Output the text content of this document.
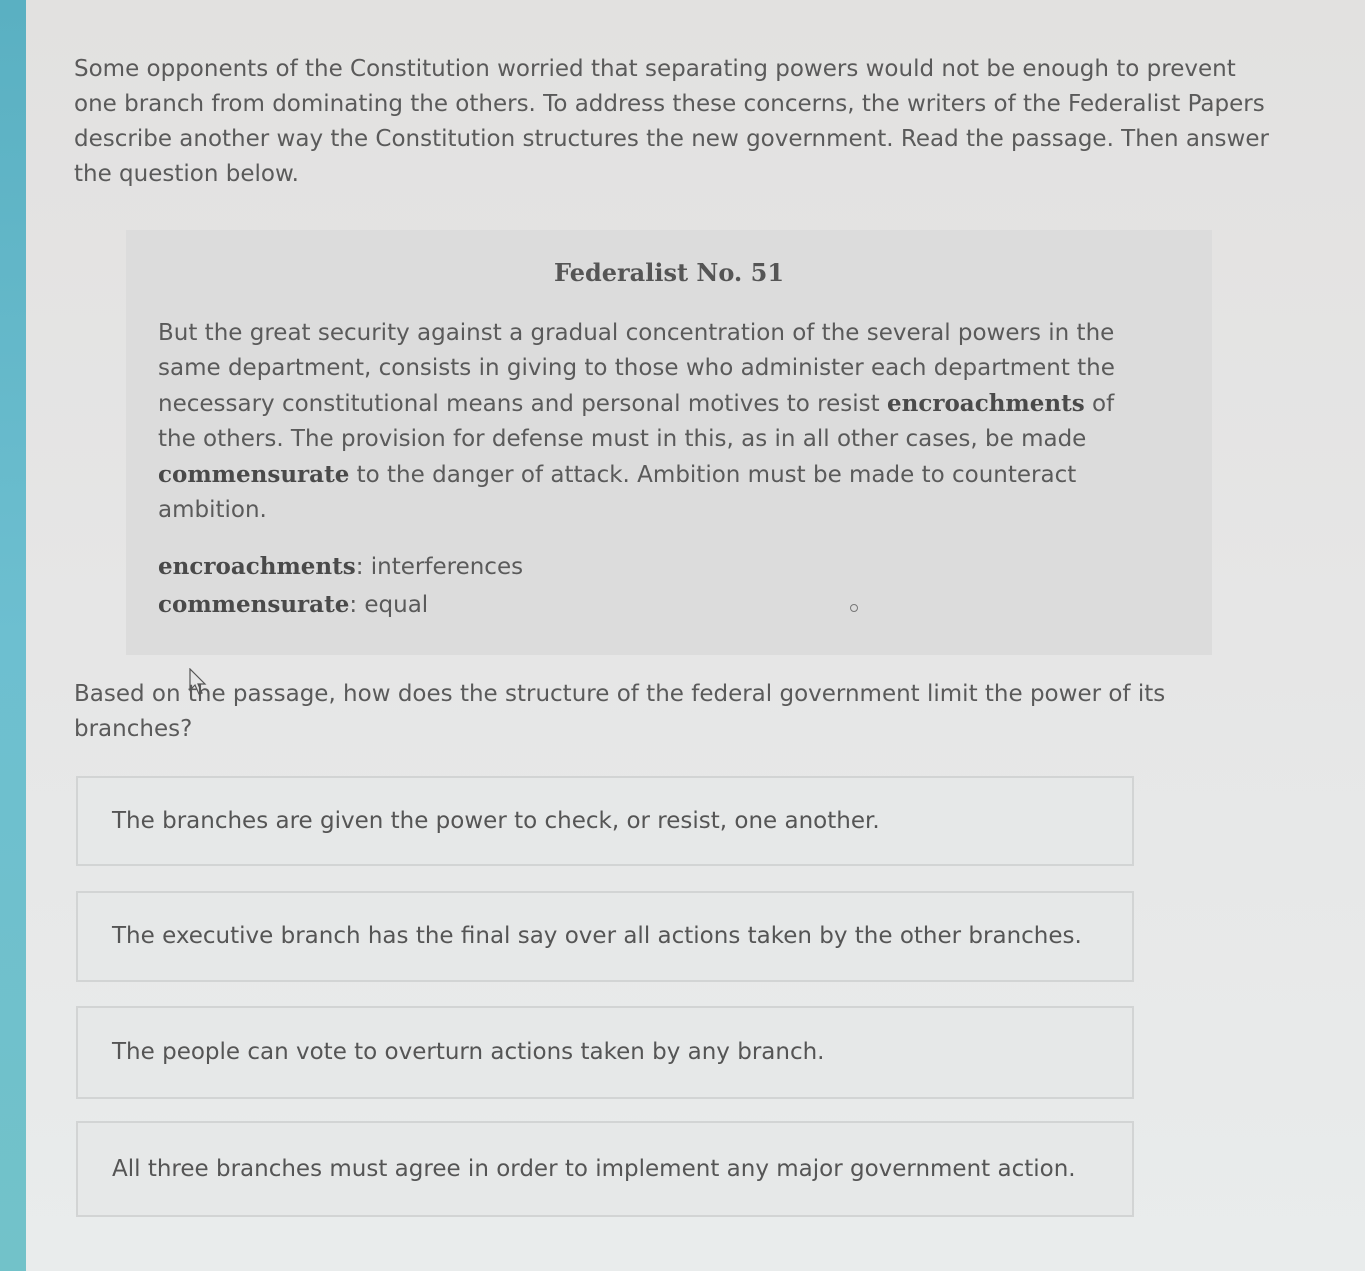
Some opponents of the Constitution worried that separating powers would not be enough to prevent one branch from dominating the others. To address these concerns, the writers of the Federalist Papers describe another way the Constitution structures the new government. Read the passage. Then answer the question below.
Federalist No. 51
But the great security against a gradual concentration of the several powers in the same department, consists in giving to those who administer each department the necessary constitutional means and personal motives to resist encroachments of the others. The provision for defense must in this, as in all other cases, be made commensurate to the danger of attack. Ambition must be made to counteract ambition.
encroachments: interferences
commensurate: equal
Based on the passage, how does the structure of the federal government limit the power of its branches?
The branches are given the power to check, or resist, one another.
The executive branch has the final say over all actions taken by the other branches.
The people can vote to overturn actions taken by any branch.
All three branches must agree in order to implement any major government action.
